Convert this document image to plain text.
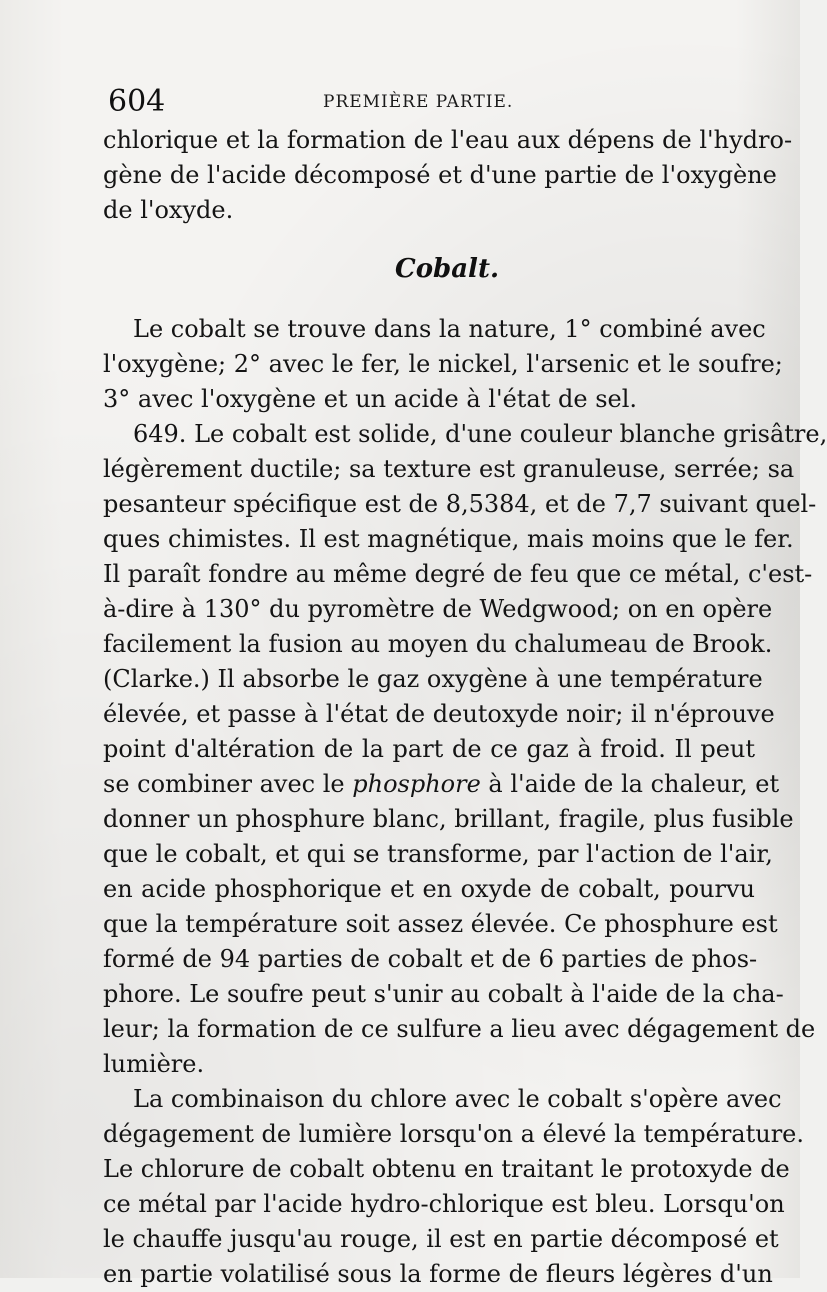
604	PREMIÈRE PARTIE.
chlorique et la formation de l'eau aux dépens de l'hydro-
gène de l'acide décomposé et d'une partie de l'oxygène
de l'oxyde.
Cobalt.
Le cobalt se trouve dans la nature, 1° combiné avec
l'oxygène; 2° avec le fer, le nickel, l'arsenic et le soufre;
3° avec l'oxygène et un acide à l'état de sel.
649. Le cobalt est solide, d'une couleur blanche grisâtre,
légèrement ductile; sa texture est granuleuse, serrée; sa
pesanteur spécifique est de 8,5384, et de 7,7 suivant quel-
ques chimistes. Il est magnétique, mais moins que le fer.
Il paraît fondre au même degré de feu que ce métal, c'est-
à-dire à 130° du pyromètre de Wedgwood; on en opère
facilement la fusion au moyen du chalumeau de Brook.
(Clarke.) Il absorbe le gaz oxygène à une température
élevée, et passe à l'état de deutoxyde noir; il n'éprouve
point d'altération de la part de ce gaz à froid. Il peut
se combiner avec le phosphore à l'aide de la chaleur, et
donner un phosphure blanc, brillant, fragile, plus fusible
que le cobalt, et qui se transforme, par l'action de l'air,
en acide phosphorique et en oxyde de cobalt, pourvu
que la température soit assez élevée. Ce phosphure est
formé de 94 parties de cobalt et de 6 parties de phos-
phore. Le soufre peut s'unir au cobalt à l'aide de la cha-
leur; la formation de ce sulfure a lieu avec dégagement de
lumière.
La combinaison du chlore avec le cobalt s'opère avec
dégagement de lumière lorsqu'on a élevé la température.
Le chlorure de cobalt obtenu en traitant le protoxyde de
ce métal par l'acide hydro-chlorique est bleu. Lorsqu'on
le chauffe jusqu'au rouge, il est en partie décomposé et
en partie volatilisé sous la forme de fleurs légères d'un
